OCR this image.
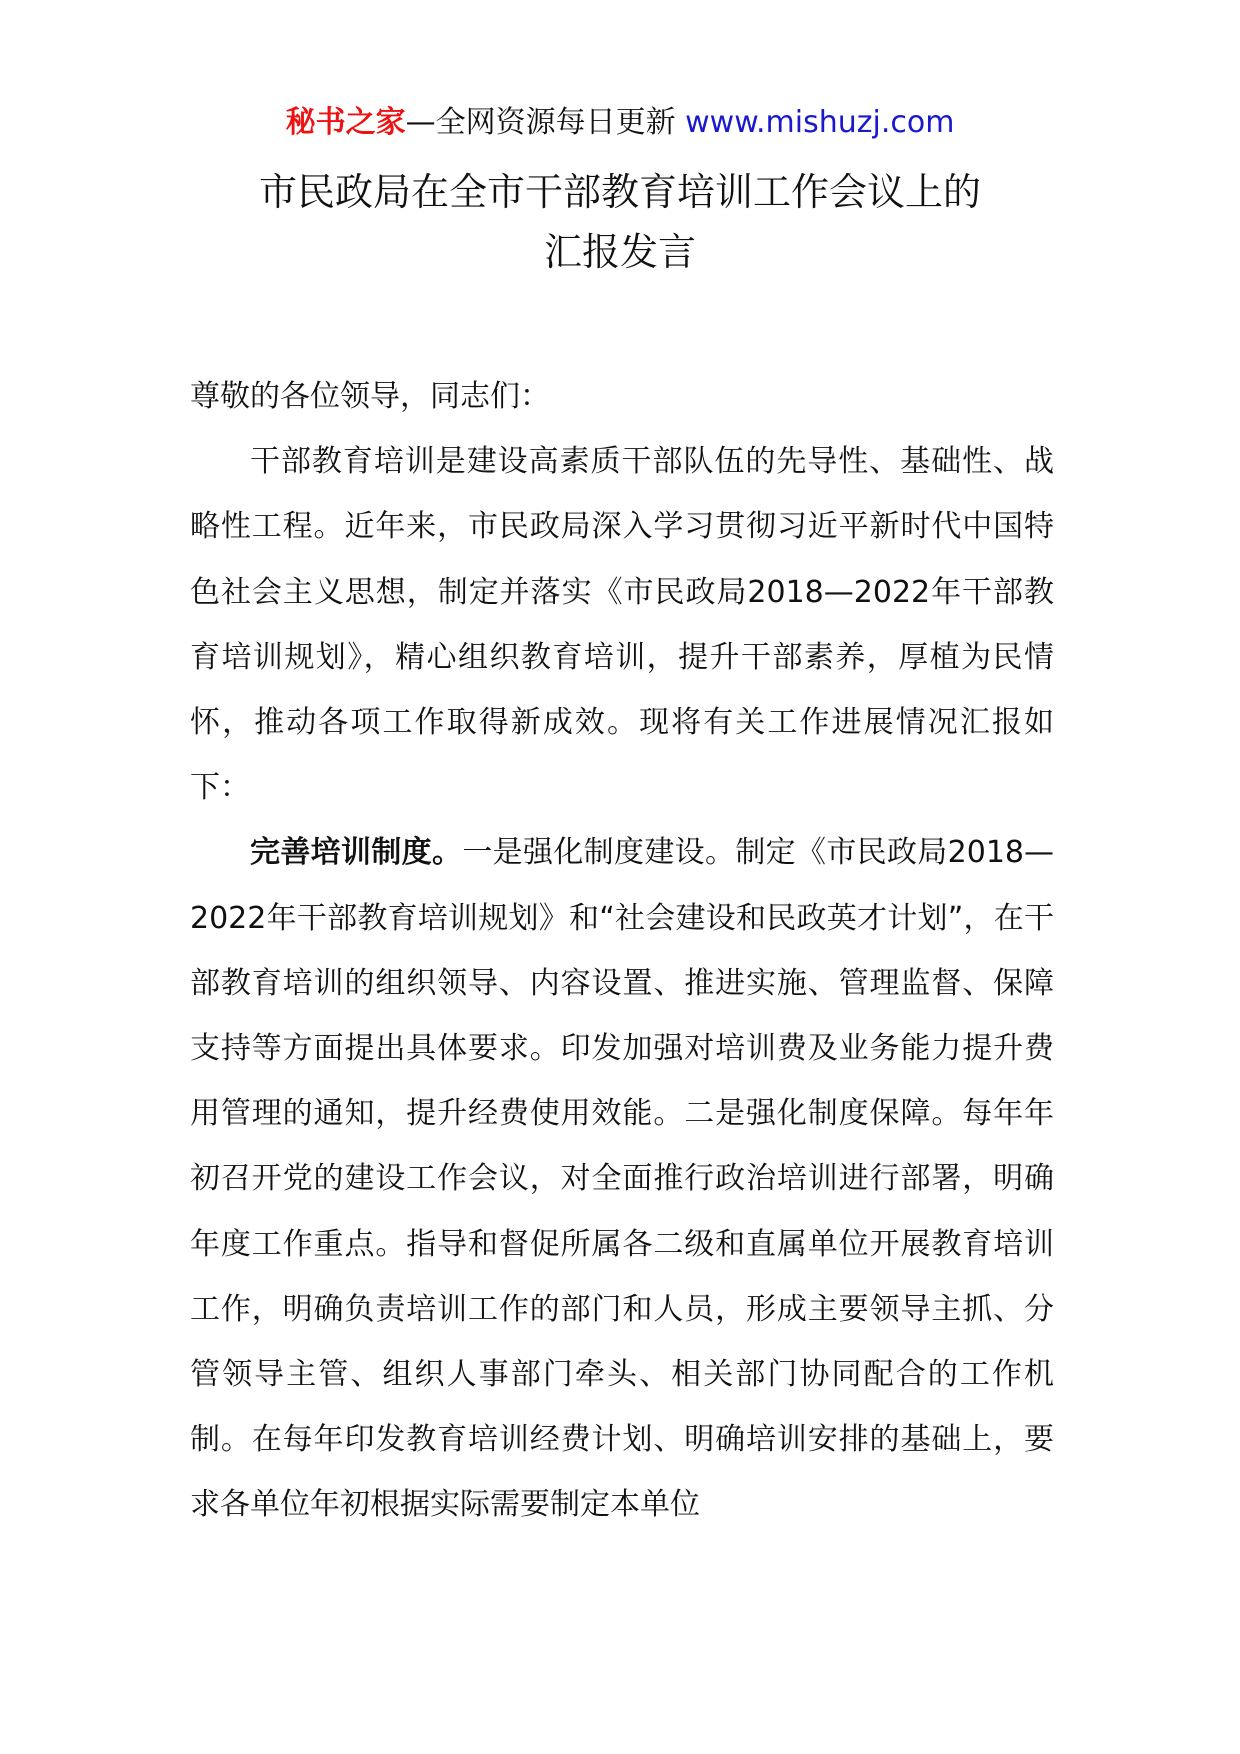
秘书之家—全网资源每日更新 www.mishuzj.com
市民政局在全市干部教育培训工作会议上的
汇报发言

尊敬的各位领导，同志们：

干部教育培训是建设高素质干部队伍的先导性、基础性、战略性工程。近年来，市民政局深入学习贯彻习近平新时代中国特色社会主义思想，制定并落实《市民政局2018—2022年干部教育培训规划》，精心组织教育培训，提升干部素养，厚植为民情怀，推动各项工作取得新成效。现将有关工作进展情况汇报如下：

完善培训制度。一是强化制度建设。制定《市民政局2018—2022年干部教育培训规划》和“社会建设和民政英才计划”，在干部教育培训的组织领导、内容设置、推进实施、管理监督、保障支持等方面提出具体要求。印发加强对培训费及业务能力提升费用管理的通知，提升经费使用效能。二是强化制度保障。每年年初召开党的建设工作会议，对全面推行政治培训进行部署，明确年度工作重点。指导和督促所属各二级和直属单位开展教育培训工作，明确负责培训工作的部门和人员，形成主要领导主抓、分管领导主管、组织人事部门牵头、相关部门协同配合的工作机制。在每年印发教育培训经费计划、明确培训安排的基础上，要求各单位年初根据实际需要制定本单位
